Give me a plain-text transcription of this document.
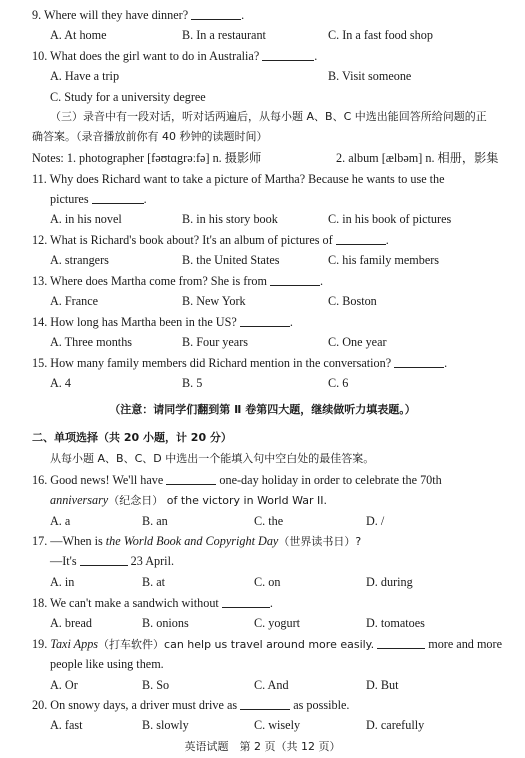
9. Where will they have dinner?	.
A. At home	B. In a restaurant	C. In a fast food shop
10. What does the girl want to do in Australia?	.
A. Have a trip	B. Visit someone
C. Study for a university degree
（三）录音中有一段对话，听对话两遍后，从每小题 A、B、C 中选出能回答所给问题的正
确答案。（录音播放前你有 40 秒钟的读题时间）
Notes: 1. photographer [fəʊtɑgrəːfə] n. 摄影师	2. album [ælbəm] n. 相册，影集
11. Why does Richard want to take a picture of Martha? Because he wants to use the
pictures	.
A. in his novel	B. in his story book	C. in his book of pictures
12. What is Richard's book about? It's an album of pictures of	.
A. strangers	B. the United States	C. his family members
13. Where does Martha come from? She is from	.
A. France	B. New York	C. Boston
14. How long has Martha been in the US?	.
A. Three months	B. Four years	C. One year
15. How many family members did Richard mention in the conversation?	.
A. 4	B. 5	C. 6
（注意：请同学们翻到第 Ⅱ 卷第四大题，继续做听力填表题。）
二、单项选择（共 20 小题，计 20 分）
从每小题 A、B、C、D 中选出一个能填入句中空白处的最佳答案。
16. Good news! We'll have	one-day holiday in order to celebrate the 70th
anniversary（纪念日） of the victory in World War II.
A. a	B. an	C. the	D. /
17. —When is the World Book and Copyright Day（世界读书日）?
—It's	23 April.
A. in	B. at	C. on	D. during
18. We can't make a sandwich without	.
A. bread	B. onions	C. yogurt	D. tomatoes
19. Taxi Apps（打车软件）can help us travel around more easily.	more and more
people like using them.
A. Or	B. So	C. And	D. But
20. On snowy days, a driver must drive as	as possible.
A. fast	B. slowly	C. wisely	D. carefully
英语试题　第 2 页（共 12 页）
